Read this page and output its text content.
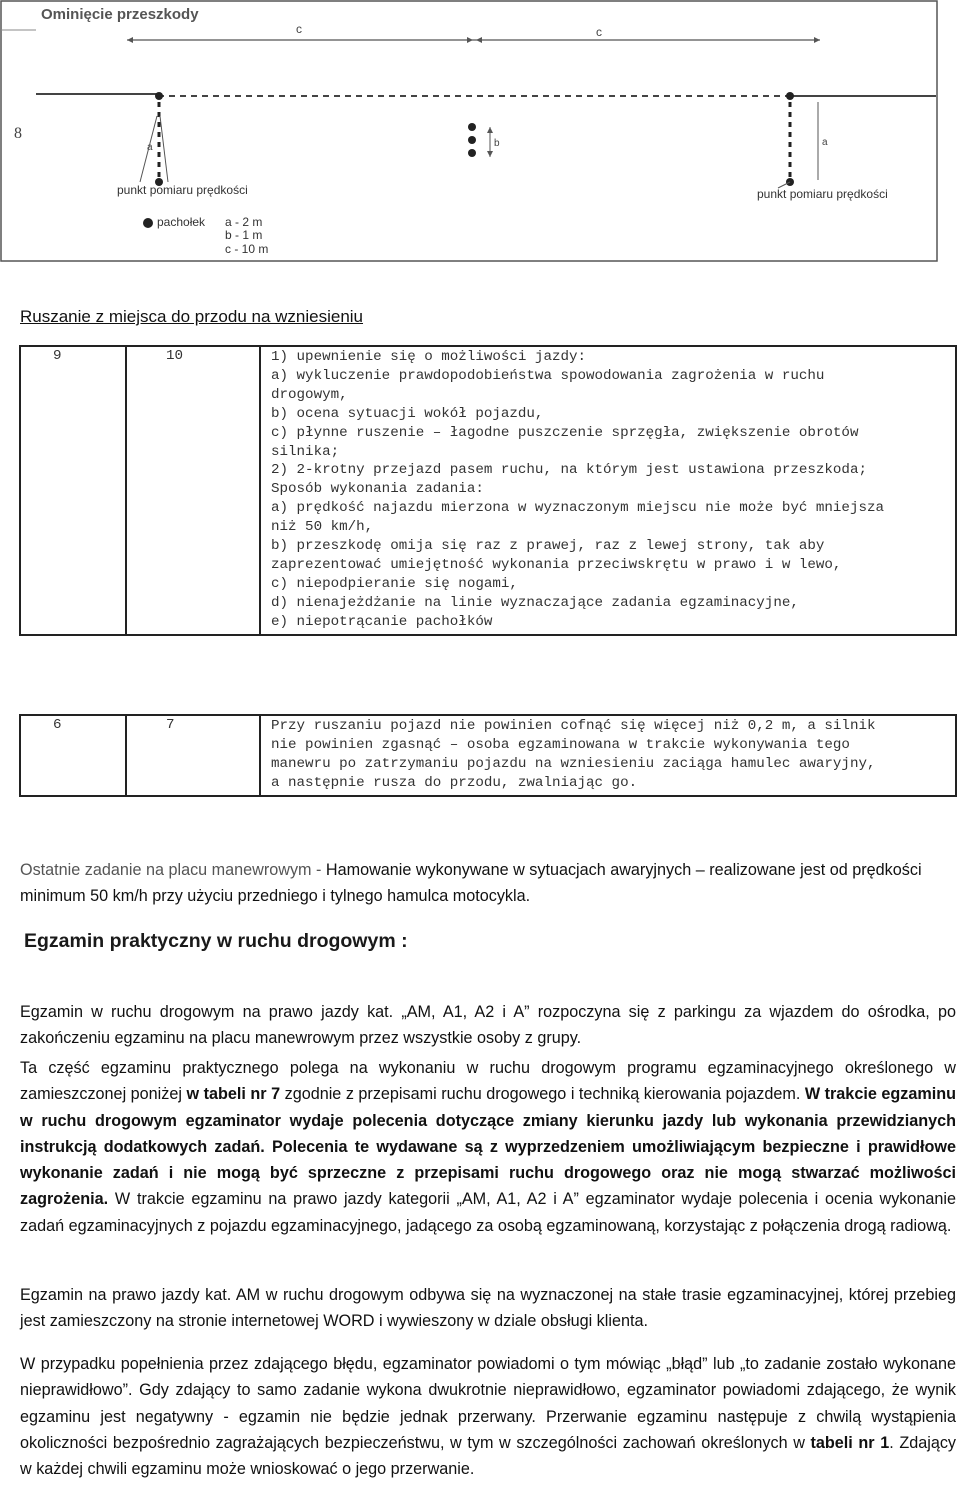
Ominięcie przeszkody
8
c	c
a	b	a
punkt pomiaru prędkości	punkt pomiaru prędkości
pachołek a - 2 m
b - 1 m
c - 10 m
Ruszanie z miejsca do przodu na wzniesieniu
9	10	1) upewnienie się o możliwości jazdy:
a) wykluczenie prawdopodobieństwa spowodowania zagrożenia w ruchu
drogowym,
b) ocena sytuacji wokół pojazdu,
c) płynne ruszenie – łagodne puszczenie sprzęgła, zwiększenie obrotów
silnika;
2) 2-krotny przejazd pasem ruchu, na którym jest ustawiona przeszkoda;
Sposób wykonania zadania:
a) prędkość najazdu mierzona w wyznaczonym miejscu nie może być mniejsza
niż 50 km/h,
b) przeszkodę omija się raz z prawej, raz z lewej strony, tak aby
zaprezentować umiejętność wykonania przeciwskrętu w prawo i w lewo,
c) niepodpieranie się nogami,
d) nienajeżdżanie na linie wyznaczające zadania egzaminacyjne,
e) niepotrącanie pachołków
6	7	Przy ruszaniu pojazd nie powinien cofnąć się więcej niż 0,2 m, a silnik
nie powinien zgasnąć – osoba egzaminowana w trakcie wykonywania tego
manewru po zatrzymaniu pojazdu na wzniesieniu zaciąga hamulec awaryjny,
a następnie rusza do przodu, zwalniając go.
Ostatnie zadanie na placu manewrowym - Hamowanie wykonywane w sytuacjach awaryjnych – realizowane jest od prędkości minimum 50 km/h przy użyciu przedniego i tylnego hamulca motocykla.
Egzamin praktyczny w ruchu drogowym :
Egzamin w ruchu drogowym na prawo jazdy kat. „AM, A1, A2 i A” rozpoczyna się z parkingu za wjazdem do ośrodka, po zakończeniu egzaminu na placu manewrowym przez wszystkie osoby z grupy.
Ta część egzaminu praktycznego polega na wykonaniu w ruchu drogowym programu egzaminacyjnego określonego w zamieszczonej poniżej w tabeli nr 7 zgodnie z przepisami ruchu drogowego i techniką kierowania pojazdem. W trakcie egzaminu w ruchu drogowym egzaminator wydaje polecenia dotyczące zmiany kierunku jazdy lub wykonania przewidzianych instrukcją dodatkowych zadań. Polecenia te wydawane są z wyprzedzeniem umożliwiającym bezpieczne i prawidłowe wykonanie zadań i nie mogą być sprzeczne z przepisami ruchu drogowego oraz nie mogą stwarzać możliwości zagrożenia. W trakcie egzaminu na prawo jazdy kategorii „AM, A1, A2 i A” egzaminator wydaje polecenia i ocenia wykonanie zadań egzaminacyjnych z pojazdu egzaminacyjnego, jadącego za osobą egzaminowaną, korzystając z połączenia drogą radiową.
Egzamin na prawo jazdy kat. AM w ruchu drogowym odbywa się na wyznaczonej na stałe trasie egzaminacyjnej, której przebieg jest zamieszczony na stronie internetowej WORD i wywieszony w dziale obsługi klienta.
W przypadku popełnienia przez zdającego błędu, egzaminator powiadomi o tym mówiąc „błąd” lub „to zadanie zostało wykonane nieprawidłowo”. Gdy zdający to samo zadanie wykona dwukrotnie nieprawidłowo, egzaminator powiadomi zdającego, że wynik egzaminu jest negatywny - egzamin nie będzie jednak przerwany. Przerwanie egzaminu następuje z chwilą wystąpienia okoliczności bezpośrednio zagrażających bezpieczeństwu, w tym w szczególności zachowań określonych w tabeli nr 1. Zdający w każdej chwili egzaminu może wnioskować o jego przerwanie.
